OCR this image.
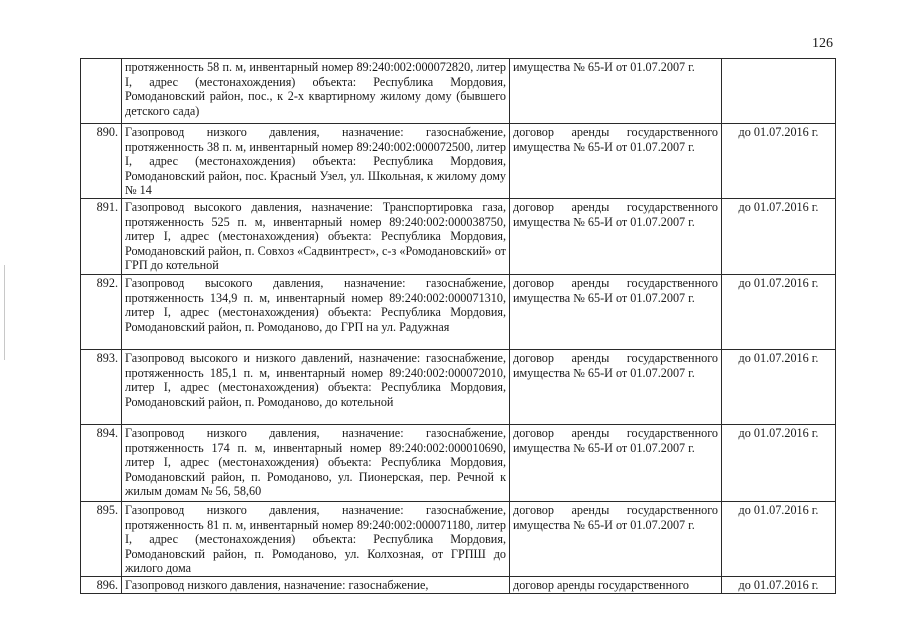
126
	протяженность 58 п. м, инвентарный номер 89:240:002:000072820, литер I, адрес (местонахождения) объекта: Республика Мордовия, Ромодановский район, пос., к 2-х квартирному жилому дому (бывшего детского сада)	имущества № 65-И от 01.07.2007 г.	
890.	Газопровод низкого давления, назначение: газоснабжение, протяженность 38 п. м, инвентарный номер 89:240:002:000072500, литер I, адрес (местонахождения) объекта: Республика Мордовия, Ромодановский район, пос. Красный Узел, ул. Школьная, к жилому дому № 14	договор аренды государственного имущества № 65-И от 01.07.2007 г.	до 01.07.2016 г.
891.	Газопровод высокого давления, назначение: Транспортировка газа, протяженность 525 п. м, инвентарный номер 89:240:002:000038750, литер I, адрес (местонахождения) объекта: Республика Мордовия, Ромодановский район, п. Совхоз «Садвинтрест», с-з «Ромодановский» от ГРП до котельной	договор аренды государственного имущества № 65-И от 01.07.2007 г.	до 01.07.2016 г.
892.	Газопровод высокого давления, назначение: газоснабжение, протяженность 134,9 п. м, инвентарный номер 89:240:002:000071310, литер I, адрес (местонахождения) объекта: Республика Мордовия, Ромодановский район, п. Ромоданово, до ГРП на ул. Радужная	договор аренды государственного имущества № 65-И от 01.07.2007 г.	до 01.07.2016 г.
893.	Газопровод высокого и низкого давлений, назначение: газоснабжение, протяженность 185,1 п. м, инвентарный номер 89:240:002:000072010, литер I, адрес (местонахождения) объекта: Республика Мордовия, Ромодановский район, п. Ромоданово, до котельной	договор аренды государственного имущества № 65-И от 01.07.2007 г.	до 01.07.2016 г.
894.	Газопровод низкого давления, назначение: газоснабжение, протяженность 174 п. м, инвентарный номер 89:240:002:000010690, литер I, адрес (местонахождения) объекта: Республика Мордовия, Ромодановский район, п. Ромоданово, ул. Пионерская, пер. Речной к жилым домам № 56, 58,60	договор аренды государственного имущества № 65-И от 01.07.2007 г.	до 01.07.2016 г.
895.	Газопровод низкого давления, назначение: газоснабжение, протяженность 81 п. м, инвентарный номер 89:240:002:000071180, литер I, адрес (местонахождения) объекта: Республика Мордовия, Ромодановский район, п. Ромоданово, ул. Колхозная, от ГРПШ до жилого дома	договор аренды государственного имущества № 65-И от 01.07.2007 г.	до 01.07.2016 г.
896.	Газопровод низкого давления, назначение: газоснабжение,	договор аренды государственного	до 01.07.2016 г.
